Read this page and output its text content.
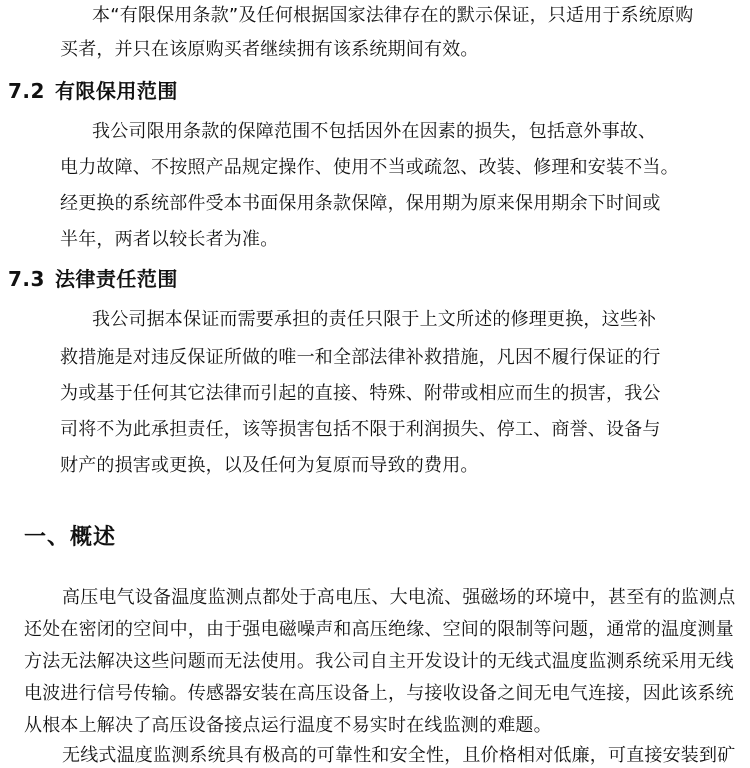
本“有限保用条款”及任何根据国家法律存在的默示保证，只适用于系统原购
买者，并只在该原购买者继续拥有该系统期间有效。
7.2 有限保用范围
我公司限用条款的保障范围不包括因外在因素的损失，包括意外事故、
电力故障、不按照产品规定操作、使用不当或疏忽、改装、修理和安装不当。
经更换的系统部件受本书面保用条款保障，保用期为原来保用期余下时间或
半年，两者以较长者为准。
7.3 法律责任范围
我公司据本保证而需要承担的责任只限于上文所述的修理更换，这些补
救措施是对违反保证所做的唯一和全部法律补救措施，凡因不履行保证的行
为或基于任何其它法律而引起的直接、特殊、附带或相应而生的损害，我公
司将不为此承担责任，该等损害包括不限于利润损失、停工、商誉、设备与
财产的损害或更换，以及任何为复原而导致的费用。
一、概述
高压电气设备温度监测点都处于高电压、大电流、强磁场的环境中，甚至有的监测点
还处在密闭的空间中，由于强电磁噪声和高压绝缘、空间的限制等问题，通常的温度测量
方法无法解决这些问题而无法使用。我公司自主开发设计的无线式温度监测系统采用无线
电波进行信号传输。传感器安装在高压设备上，与接收设备之间无电气连接，因此该系统
从根本上解决了高压设备接点运行温度不易实时在线监测的难题。
无线式温度监测系统具有极高的可靠性和安全性，且价格相对低廉，可直接安装到矿
